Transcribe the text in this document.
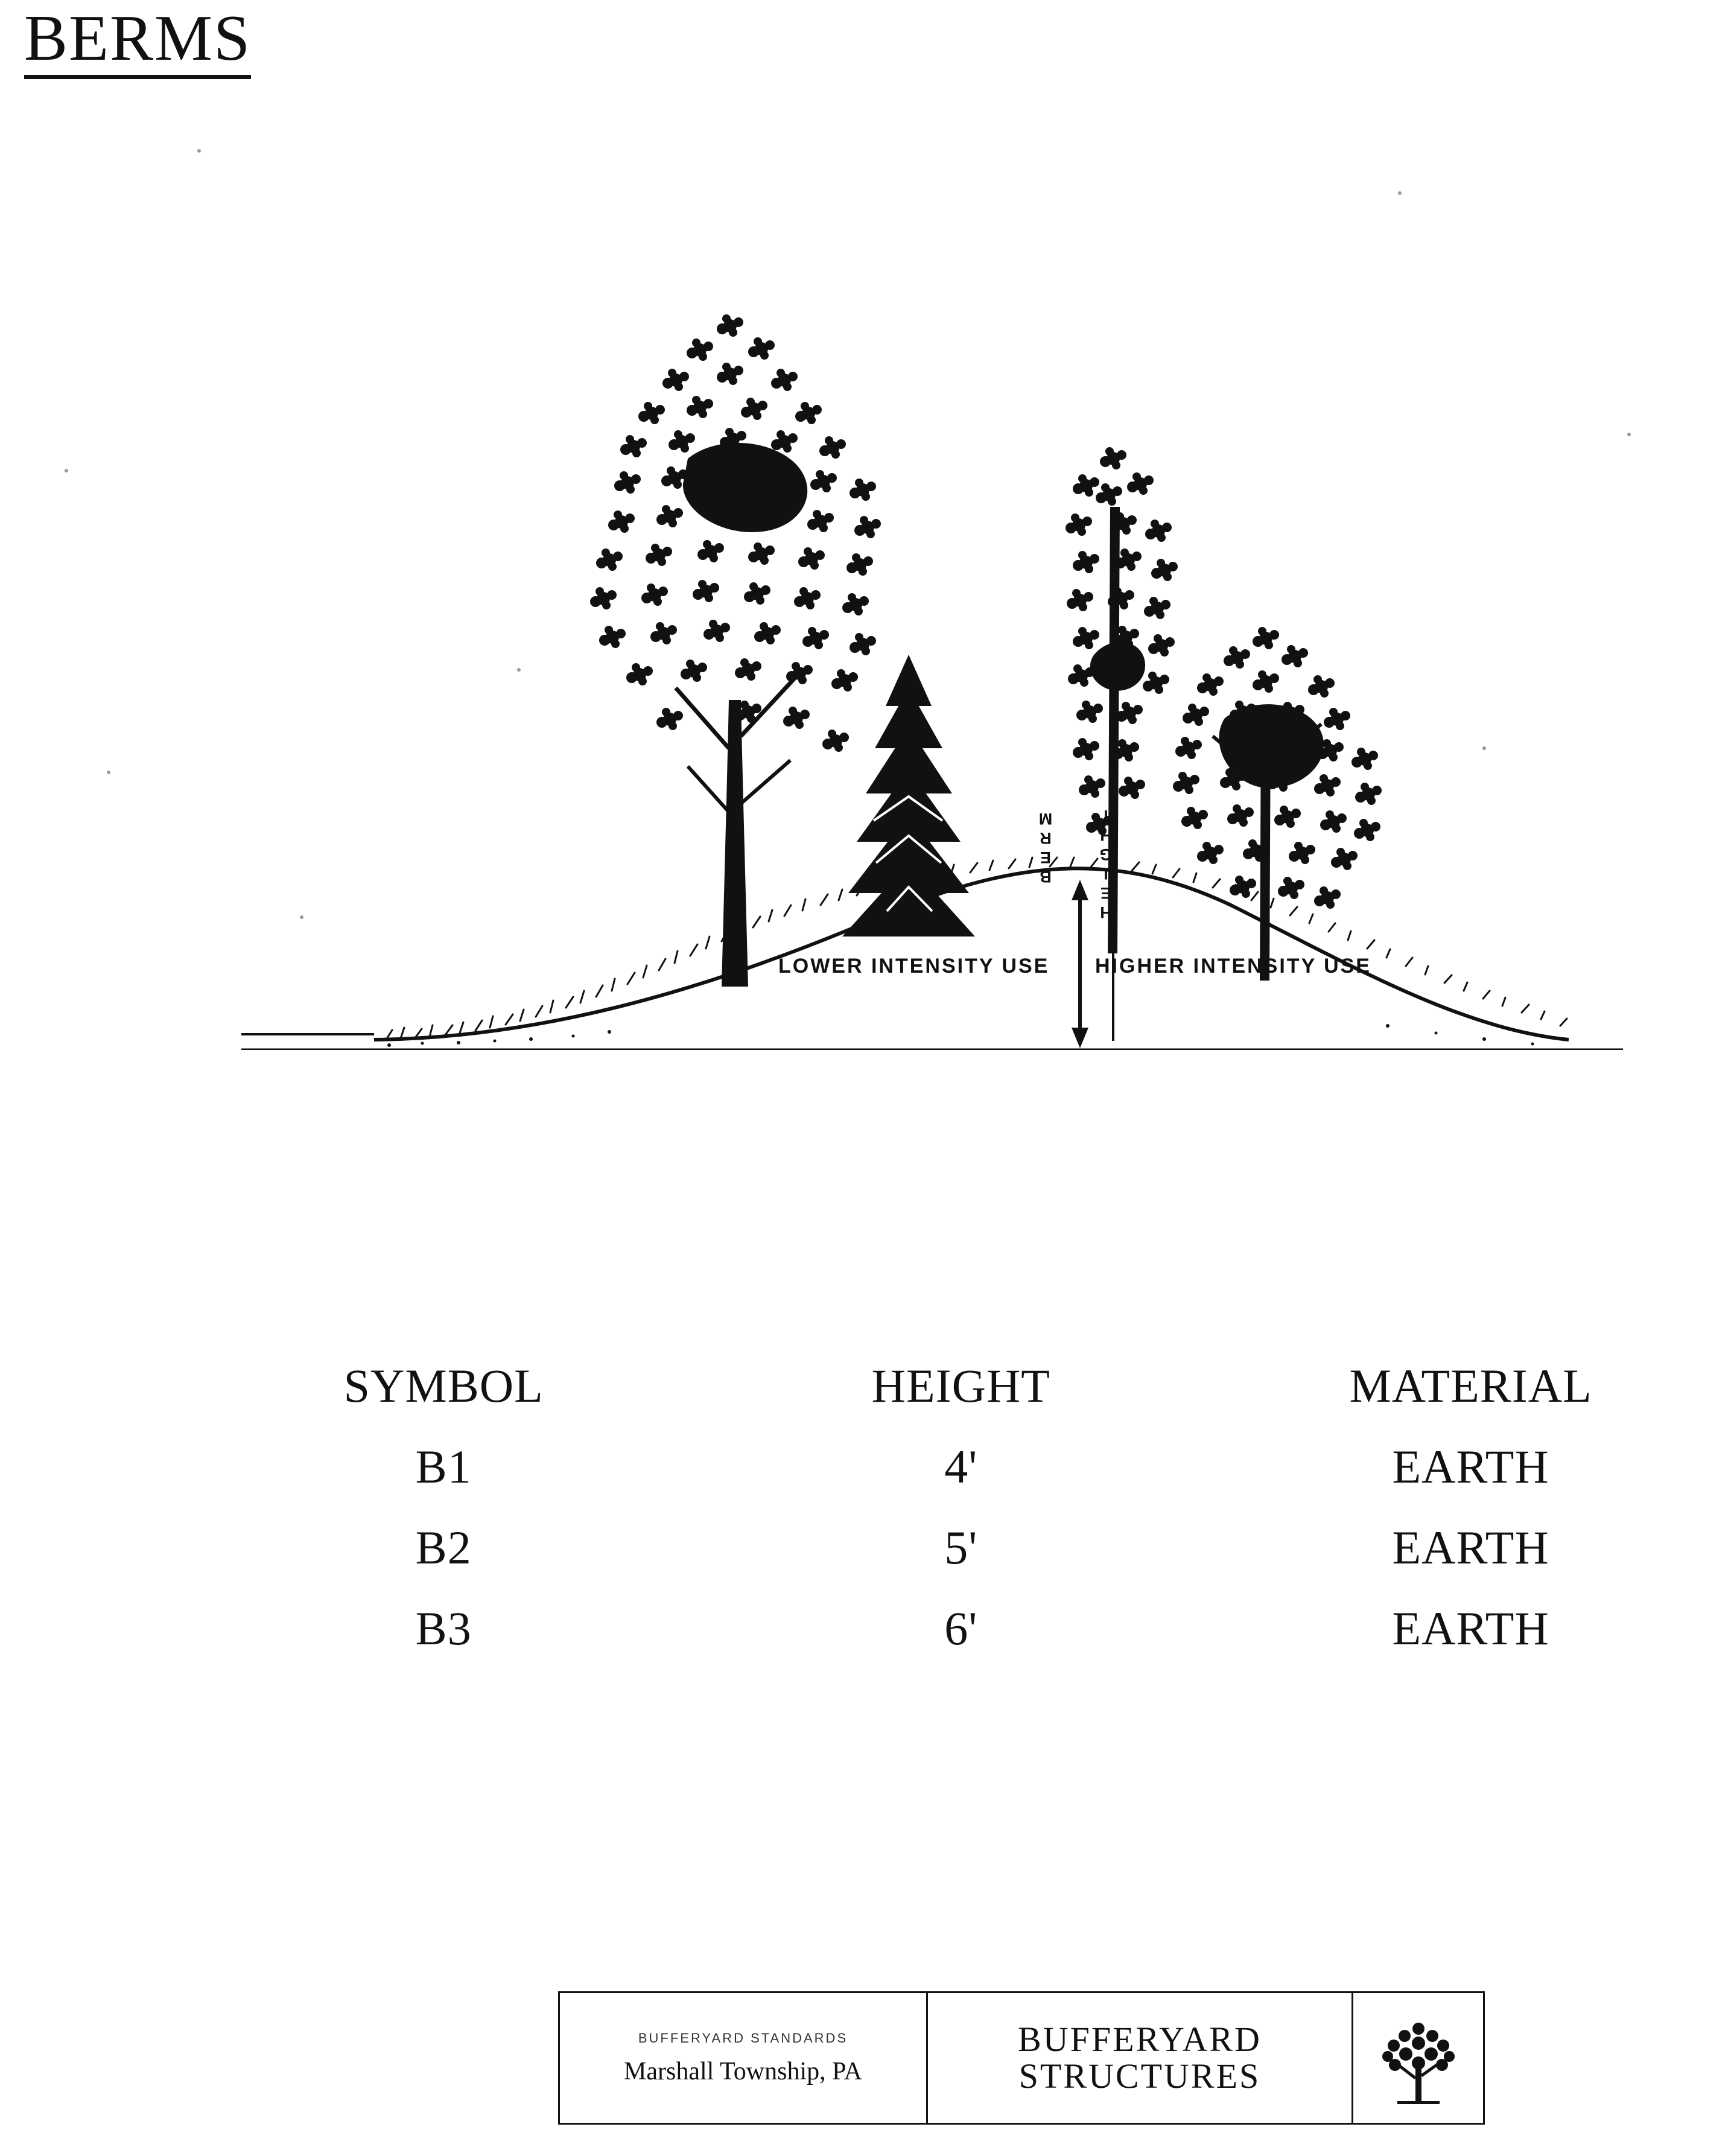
BERMS
BERM	HEIGHT
LOWER INTENSITY USE HIGHER INTENSITY USE
SYMBOL	HEIGHT	MATERIAL
B1	4'	EARTH
B2	5'	EARTH
B3	6'	EARTH
BUFFERYARD STANDARDS
Marshall Township, PA
BUFFERYARD
STRUCTURES
